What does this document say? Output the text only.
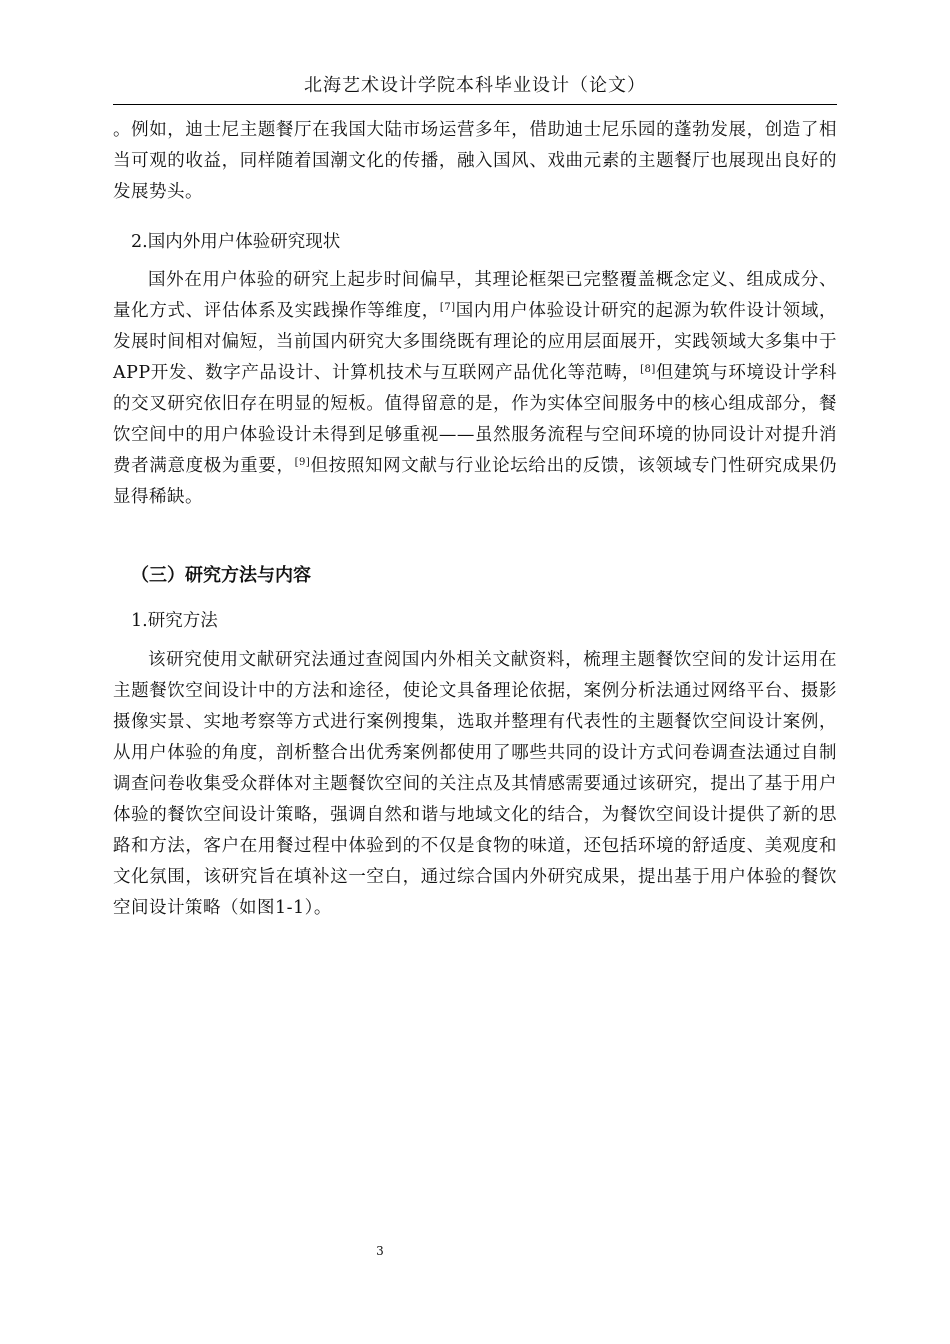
北海艺术设计学院本科毕业设计（论文）

。例如，迪士尼主题餐厅在我国大陆市场运营多年，借助迪士尼乐园的蓬勃发展，创造了相当可观的收益，同样随着国潮文化的传播，融入国风、戏曲元素的主题餐厅也展现出良好的发展势头。

2.国内外用户体验研究现状

国外在用户体验的研究上起步时间偏早，其理论框架已完整覆盖概念定义、组成成分、量化方式、评估体系及实践操作等维度，[7]国内用户体验设计研究的起源为软件设计领域，发展时间相对偏短，当前国内研究大多围绕既有理论的应用层面展开，实践领域大多集中于APP开发、数字产品设计、计算机技术与互联网产品优化等范畴，[8]但建筑与环境设计学科的交叉研究依旧存在明显的短板。值得留意的是，作为实体空间服务中的核心组成部分，餐饮空间中的用户体验设计未得到足够重视——虽然服务流程与空间环境的协同设计对提升消费者满意度极为重要，[9]但按照知网文献与行业论坛给出的反馈，该领域专门性研究成果仍显得稀缺。

（三）研究方法与内容
1.研究方法

该研究使用文献研究法通过查阅国内外相关文献资料，梳理主题餐饮空间的发计运用在主题餐饮空间设计中的方法和途径，使论文具备理论依据，案例分析法通过网络平台、摄影摄像实景、实地考察等方式进行案例搜集，选取并整理有代表性的主题餐饮空间设计案例，从用户体验的角度，剖析整合出优秀案例都使用了哪些共同的设计方式问卷调查法通过自制调查问卷收集受众群体对主题餐饮空间的关注点及其情感需要通过该研究，提出了基于用户体验的餐饮空间设计策略，强调自然和谐与地域文化的结合，为餐饮空间设计提供了新的思路和方法，客户在用餐过程中体验到的不仅是食物的味道，还包括环境的舒适度、美观度和文化氛围，该研究旨在填补这一空白，通过综合国内外研究成果，提出基于用户体验的餐饮空间设计策略（如图1-1）。

3
